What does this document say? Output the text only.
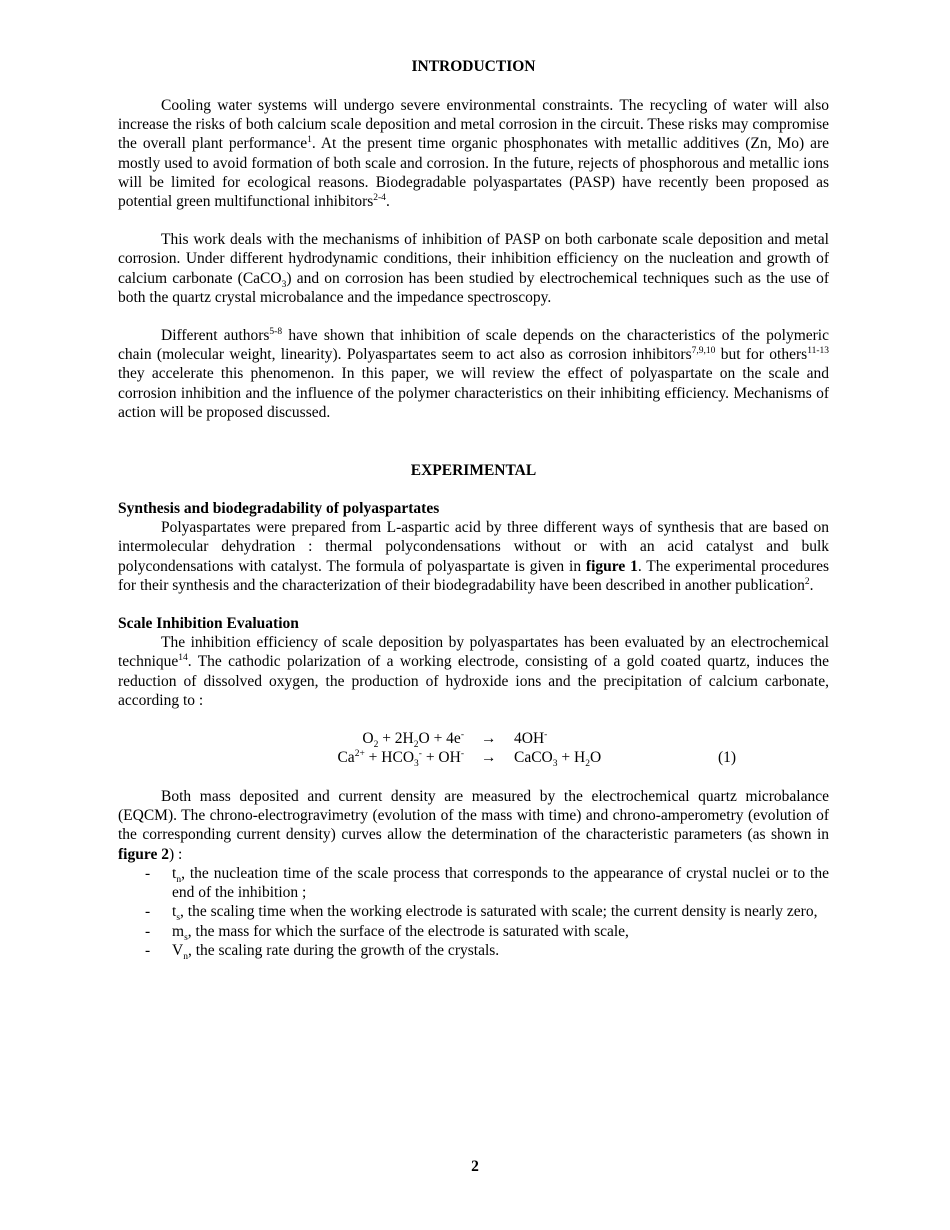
INTRODUCTION

Cooling water systems will undergo severe environmental constraints. The recycling of water will also increase the risks of both calcium scale deposition and metal corrosion in the circuit. These risks may compromise the overall plant performance$^1$. At the present time organic phosphonates with metallic additives (Zn, Mo) are mostly used to avoid formation of both scale and corrosion. In the future, rejects of phosphorous and metallic ions will be limited for ecological reasons. Biodegradable polyaspartates (PASP) have recently been proposed as potential green multifunctional inhibitors$^{2-4}$.

This work deals with the mechanisms of inhibition of PASP on both carbonate scale deposition and metal corrosion. Under different hydrodynamic conditions, their inhibition efficiency on the nucleation and growth of calcium carbonate (CaCO$_3$) and on corrosion has been studied by electrochemical techniques such as the use of both the quartz crystal microbalance and the impedance spectroscopy.

Different authors$^{5-8}$ have shown that inhibition of scale depends on the characteristics of the polymeric chain (molecular weight, linearity). Polyaspartates seem to act also as corrosion inhibitors$^{7,9,10}$ but for others$^{11-13}$ they accelerate this phenomenon. In this paper, we will review the effect of polyaspartate on the scale and corrosion inhibition and the influence of the polymer characteristics on their inhibiting efficiency. Mechanisms of action will be proposed discussed.

EXPERIMENTAL

Synthesis and biodegradability of polyaspartates

Polyaspartates were prepared from L-aspartic acid by three different ways of synthesis that are based on intermolecular dehydration : thermal polycondensations without or with an acid catalyst and bulk polycondensations with catalyst. The formula of polyaspartate is given in figure 1. The experimental procedures for their synthesis and the characterization of their biodegradability have been described in another publication$^2$.

Scale Inhibition Evaluation

The inhibition efficiency of scale deposition by polyaspartates has been evaluated by an electrochemical technique$^{14}$. The cathodic polarization of a working electrode, consisting of a gold coated quartz, induces the reduction of dissolved oxygen, the production of hydroxide ions and the precipitation of calcium carbonate, according to :

$O_2 + 2H_2O + 4e^- \to 4OH^-$
$Ca^{2+} + HCO_3^- + OH^-$ → CaCO$_3$ + $H_2O$	(1)

Both mass deposited and current density are measured by the electrochemical quartz microbalance (EQCM). The chrono-electrogravimetry (evolution of the mass with time) and chrono-amperometry (evolution of the corresponding current density) curves allow the determination of the characteristic parameters (as shown in figure 2) :

- $t_n$, the nucleation time of the scale process that corresponds to the appearance of crystal nuclei or to the end of the inhibition ;
- $t_s$, the scaling time when the working electrode is saturated with scale; the current density is nearly zero,
- $m_s$, the mass for which the surface of the electrode is saturated with scale,
- $V_n$, the scaling rate during the growth of the crystals.
2
